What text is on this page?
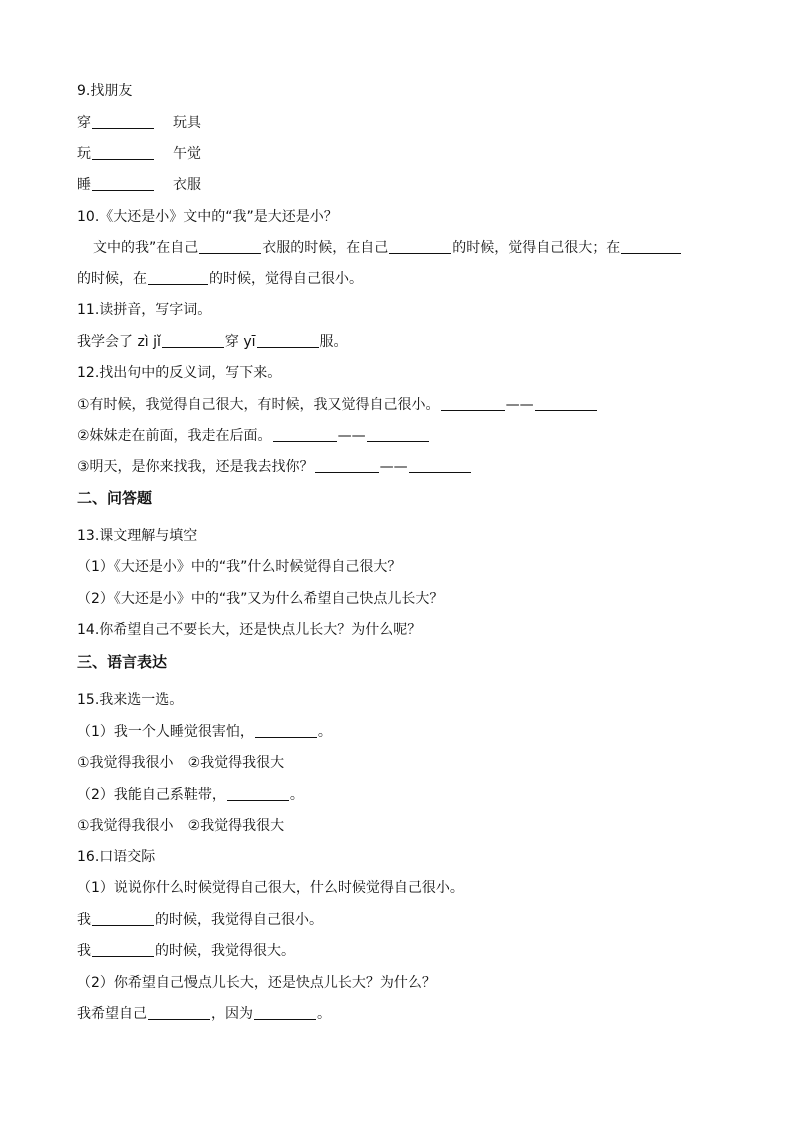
9.找朋友
穿	玩具
玩	午觉
睡	衣服
10.《大还是小》文中的“我”是大还是小？
文中的我”在自己	衣服的时候，在自己	的时候，觉得自己很大；在
的时候，在	的时候，觉得自己很小。
11.读拼音，写字词。
我学会了 zì jǐ	穿 yī	服。
12.找出句中的反义词，写下来。
①有时候，我觉得自己很大，有时候，我又觉得自己很小。	——
②妹妹走在前面，我走在后面。	——
③明天，是你来找我，还是我去找你？	——
二、问答题
13.课文理解与填空
（1）《大还是小》中的“我”什么时候觉得自己很大？
（2）《大还是小》中的“我”又为什么希望自己快点儿长大？
14.你希望自己不要长大，还是快点儿长大？为什么呢？
三、语言表达
15.我来选一选。
（1）我一个人睡觉很害怕，	。
①我觉得我很小 ②我觉得我很大
（2）我能自己系鞋带，	。
①我觉得我很小 ②我觉得我很大
16.口语交际
（1）说说你什么时候觉得自己很大，什么时候觉得自己很小。
我	的时候，我觉得自己很小。
我	的时候，我觉得很大。
（2）你希望自己慢点儿长大，还是快点儿长大？为什么？
我希望自己	，因为	。
